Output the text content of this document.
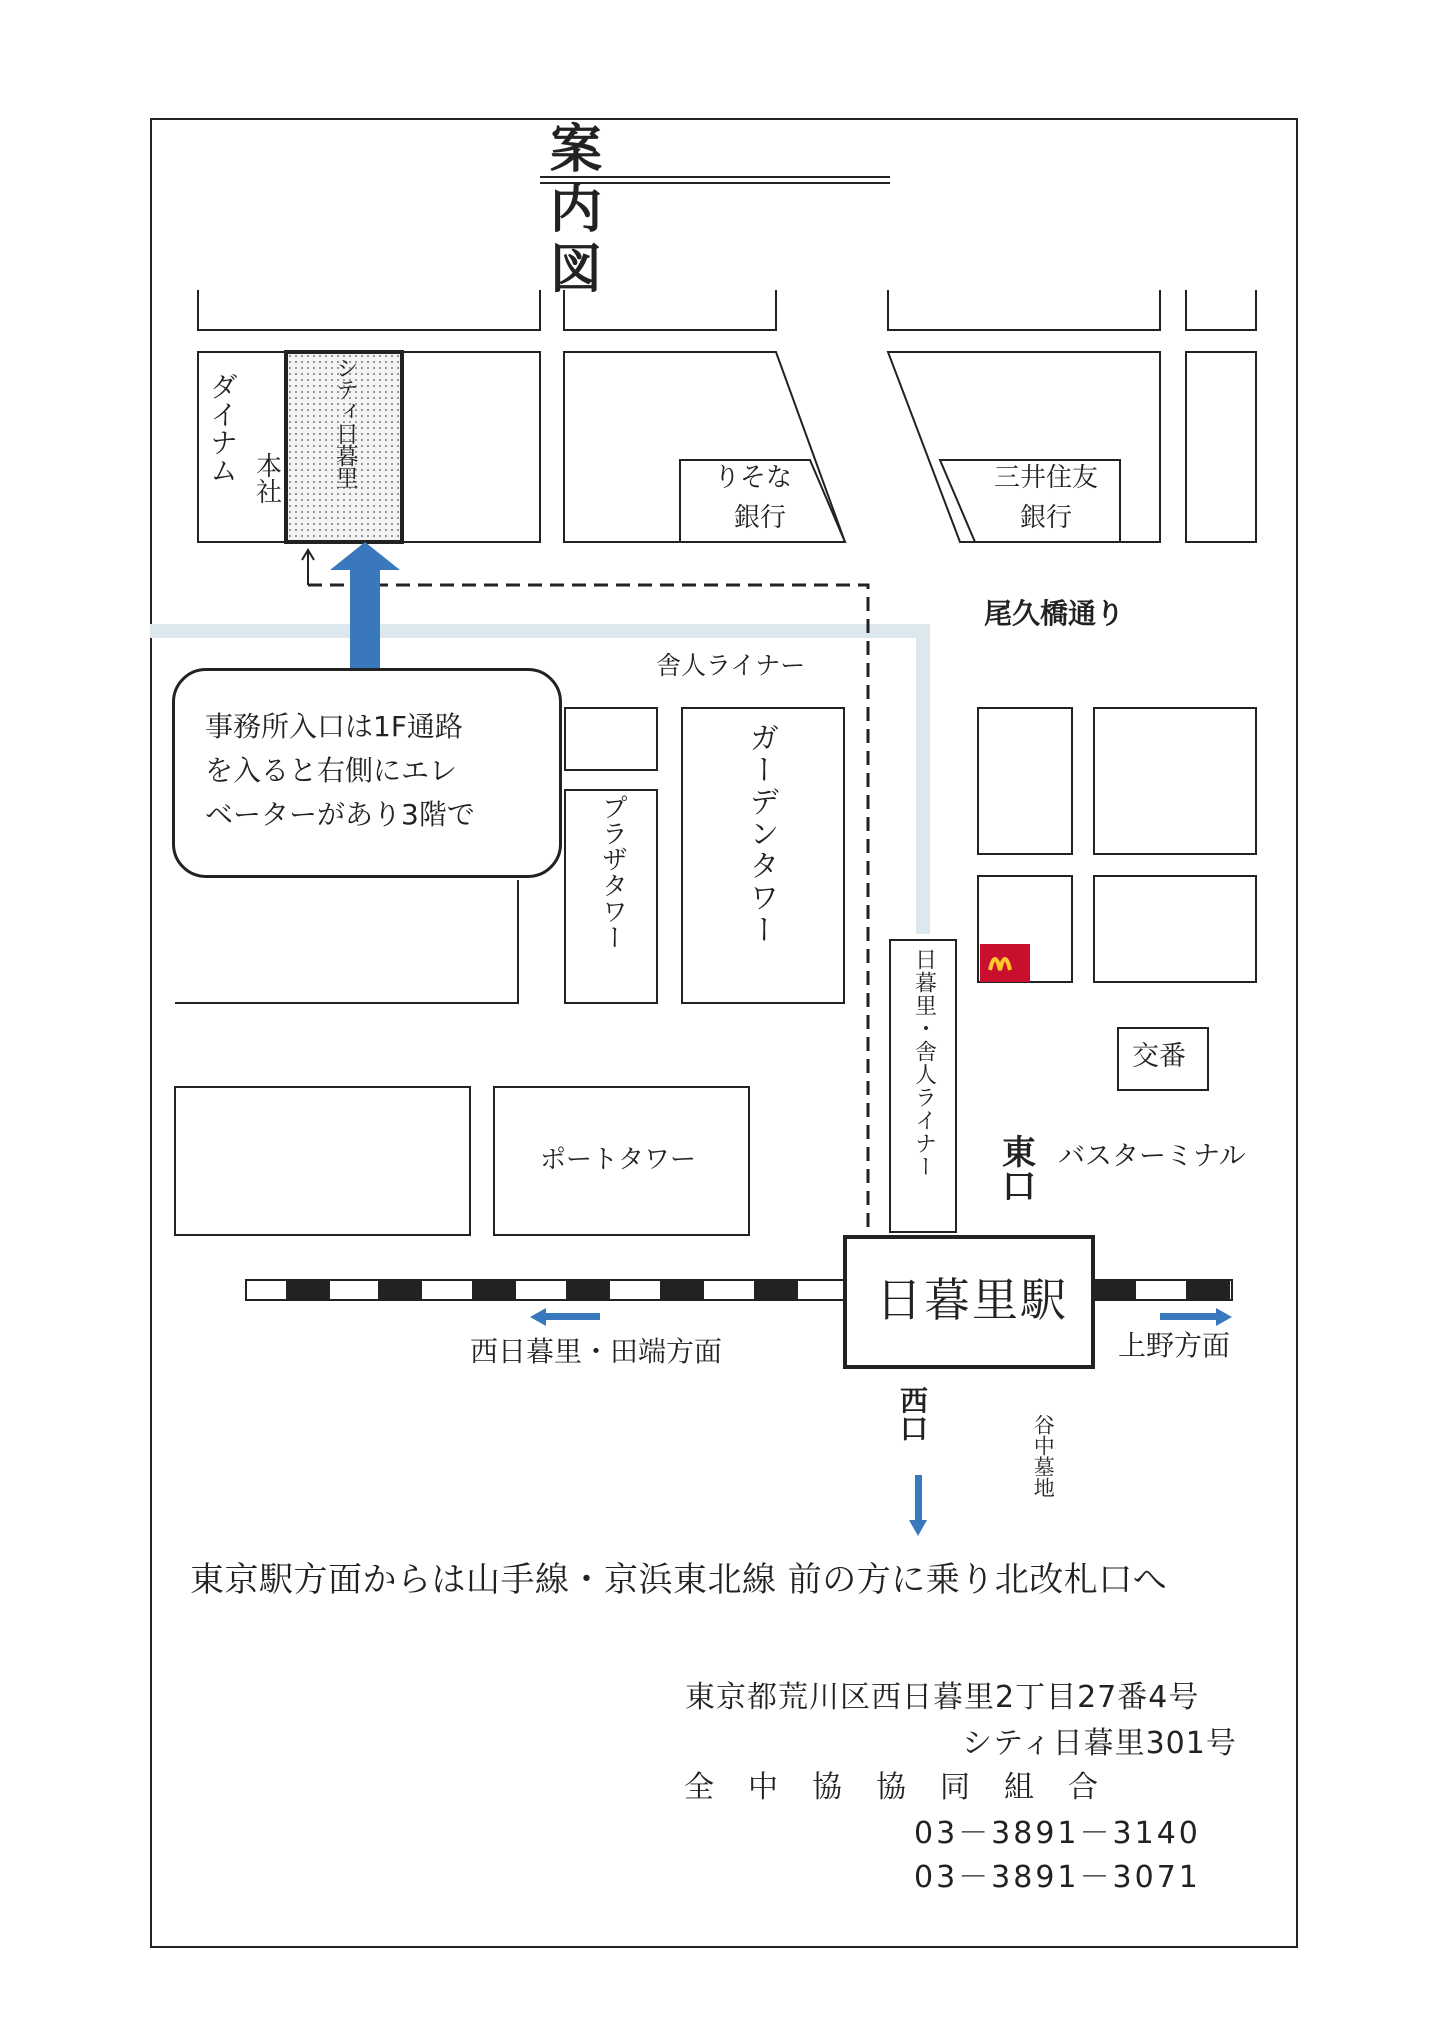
案　内　図
ダイナム 本社 シティ日暮里	りそな
銀行
三井住友
銀行
尾久橋通り
舎人ライナー
プラザタワー	ガーデンタワー
ポートタワー
交番
日暮里・舎人ライナー 東口 バスターミナル
日暮里駅
西日暮里・田端方面	上野方面
西口	谷中墓地
事務所入口は1F通路
を入ると右側にエレ
ベーターがあり3階で
東京駅方面からは山手線・京浜東北線 前の方に乗り北改札口へ
東京都荒川区西日暮里2丁目27番4号
シティ日暮里301号
全　中　協　協　同　組　合
03－3891－3140
03－3891－3071
